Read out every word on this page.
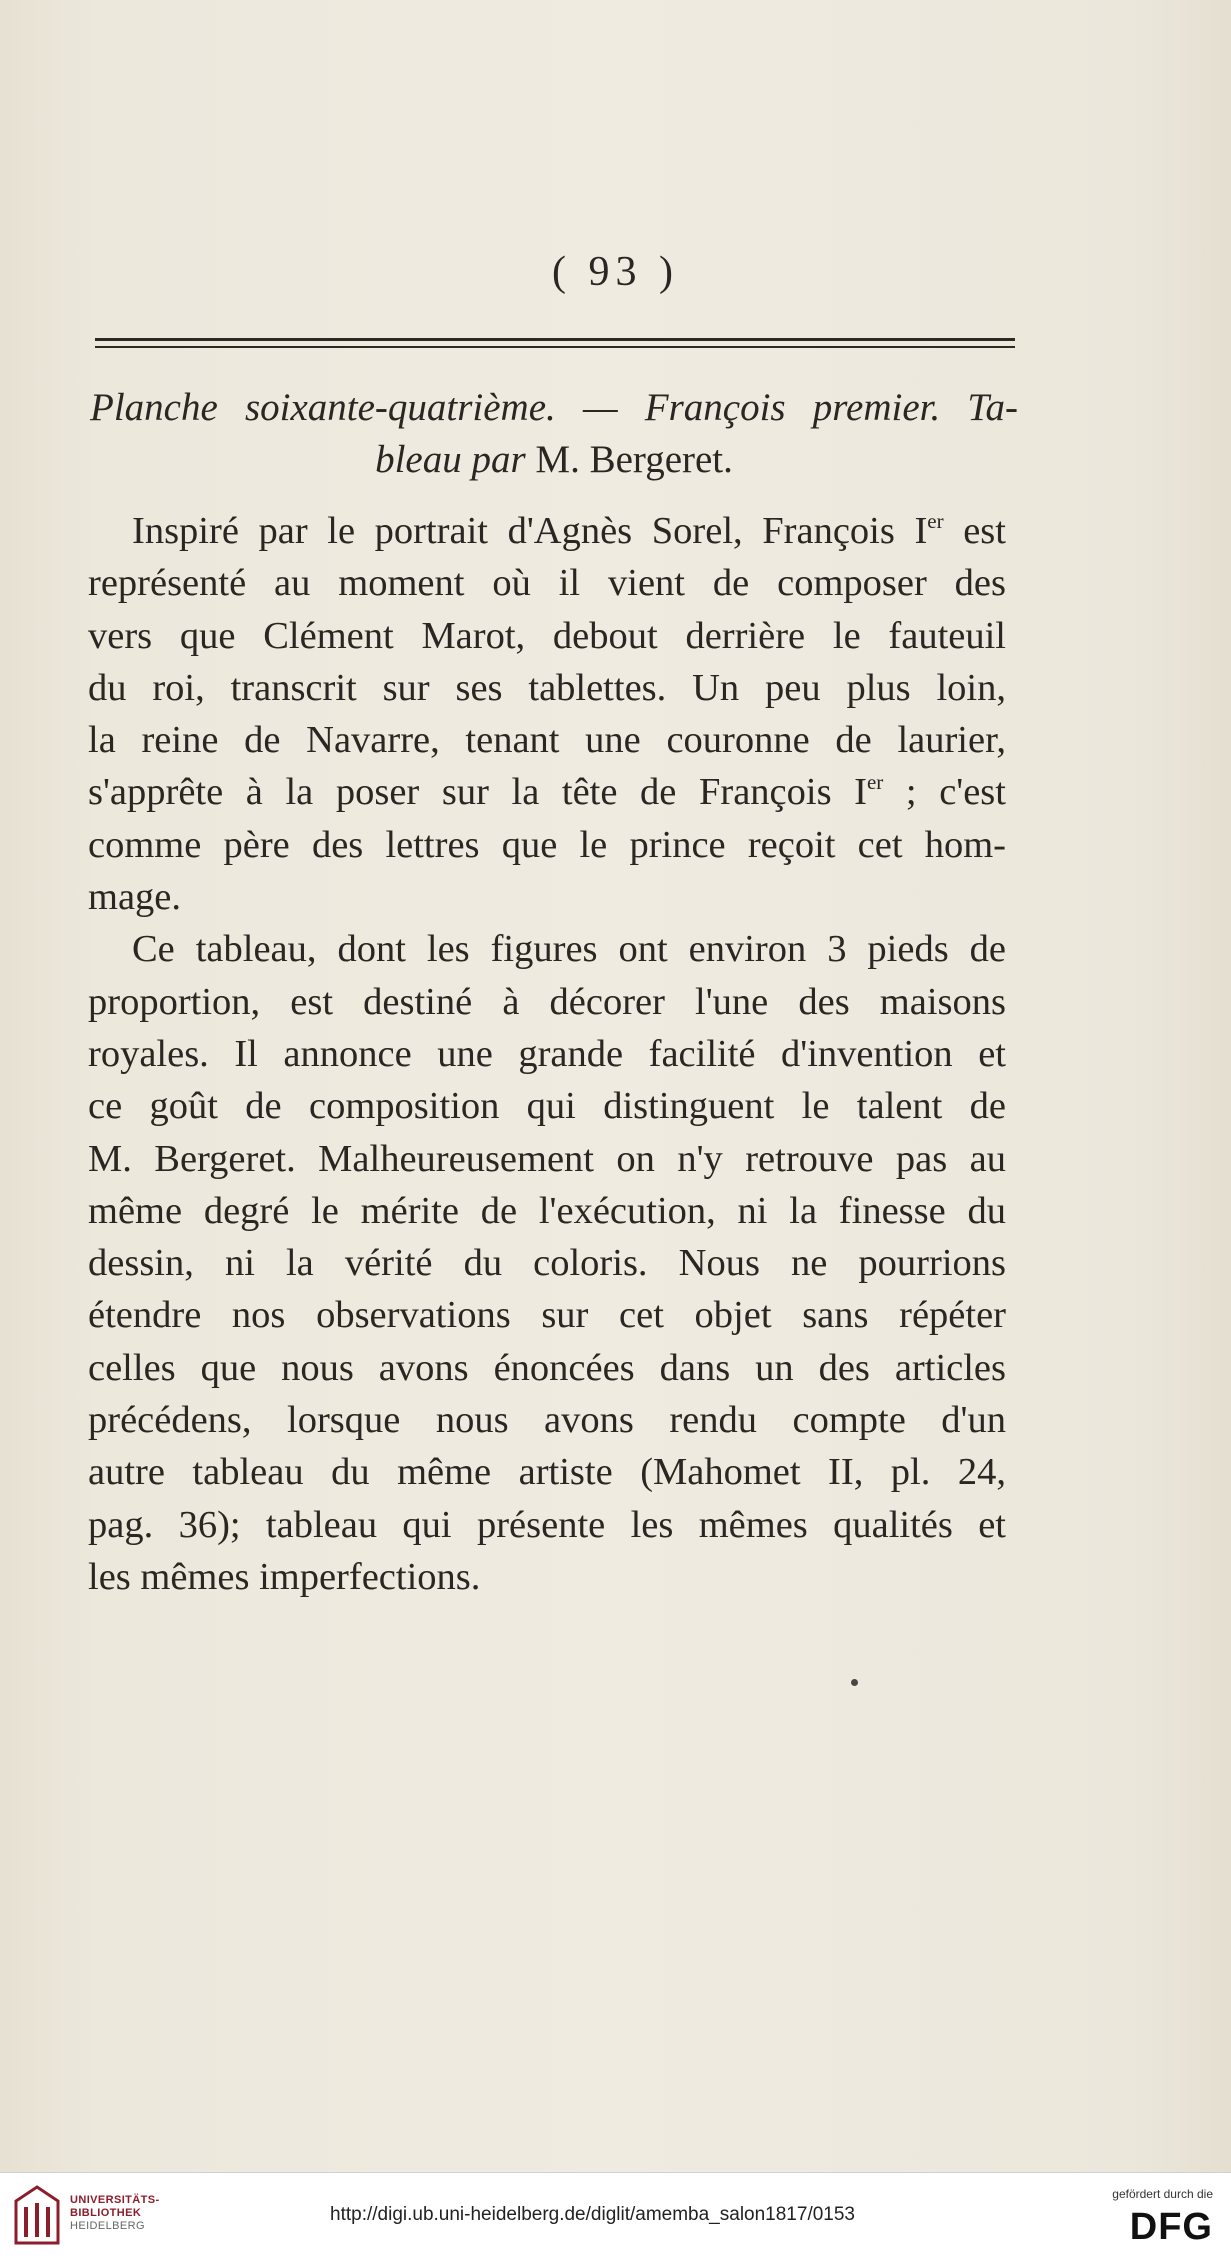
( 93 )
Planche soixante-quatrième. — François premier. Ta-
bleau par M. Bergeret.
Inspiré par le portrait d'Agnès Sorel, François Ier est
représenté au moment où il vient de composer des
vers que Clément Marot, debout derrière le fauteuil
du roi, transcrit sur ses tablettes. Un peu plus loin,
la reine de Navarre, tenant une couronne de laurier,
s'apprête à la poser sur la tête de François Ier ; c'est
comme père des lettres que le prince reçoit cet hom-
mage.
Ce tableau, dont les figures ont environ 3 pieds de
proportion, est destiné à décorer l'une des maisons
royales. Il annonce une grande facilité d'invention et
ce goût de composition qui distinguent le talent de
M. Bergeret. Malheureusement on n'y retrouve pas au
même degré le mérite de l'exécution, ni la finesse du
dessin, ni la vérité du coloris. Nous ne pourrions
étendre nos observations sur cet objet sans répéter
celles que nous avons énoncées dans un des articles
précédens, lorsque nous avons rendu compte d'un
autre tableau du même artiste (Mahomet II, pl. 24,
pag. 36); tableau qui présente les mêmes qualités et
les mêmes imperfections.
UNIVERSITÄTS-
BIBLIOTHEK
HEIDELBERG
http://digi.ub.uni-heidelberg.de/diglit/amemba_salon1817/0153
gefördert durch die
DFG
